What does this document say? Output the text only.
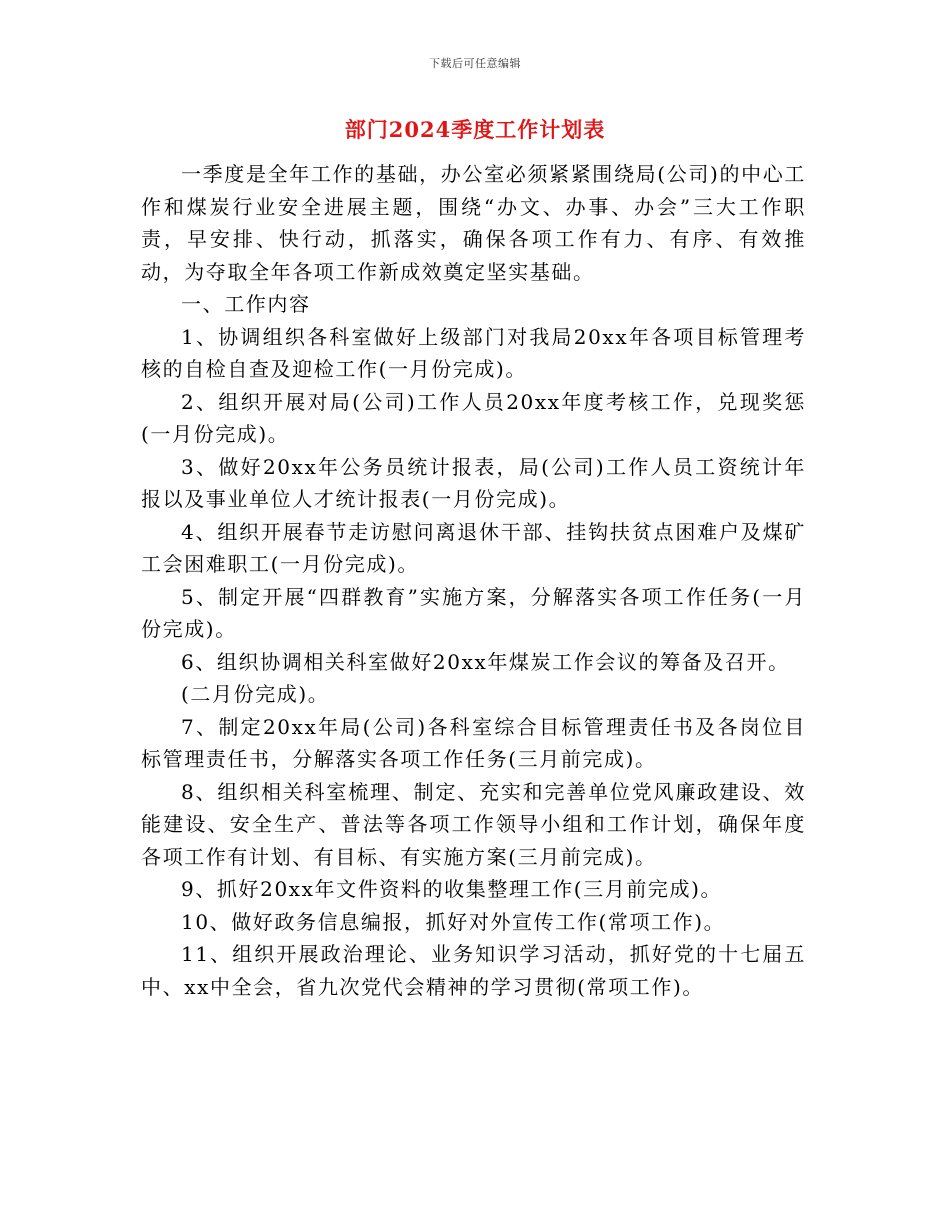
下载后可任意编辑
部门2024季度工作计划表

一季度是全年工作的基础，办公室必须紧紧围绕局(公司)的中心工作和煤炭行业安全进展主题，围绕“办文、办事、办会”三大工作职责，早安排、快行动，抓落实，确保各项工作有力、有序、有效推动，为夺取全年各项工作新成效奠定坚实基础。

一、工作内容

1、协调组织各科室做好上级部门对我局20xx年各项目标管理考核的自检自查及迎检工作(一月份完成)。

2、组织开展对局(公司)工作人员20xx年度考核工作，兑现奖惩(一月份完成)。

3、做好20xx年公务员统计报表，局(公司)工作人员工资统计年报以及事业单位人才统计报表(一月份完成)。

4、组织开展春节走访慰问离退休干部、挂钩扶贫点困难户及煤矿工会困难职工(一月份完成)。

5、制定开展“四群教育”实施方案，分解落实各项工作任务(一月份完成)。

6、组织协调相关科室做好20xx年煤炭工作会议的筹备及召开。

(二月份完成)。

7、制定20xx年局(公司)各科室综合目标管理责任书及各岗位目标管理责任书，分解落实各项工作任务(三月前完成)。

8、组织相关科室梳理、制定、充实和完善单位党风廉政建设、效能建设、安全生产、普法等各项工作领导小组和工作计划，确保年度各项工作有计划、有目标、有实施方案(三月前完成)。

9、抓好20xx年文件资料的收集整理工作(三月前完成)。

10、做好政务信息编报，抓好对外宣传工作(常项工作)。

11、组织开展政治理论、业务知识学习活动，抓好党的十七届五中、xx中全会，省九次党代会精神的学习贯彻(常项工作)。
